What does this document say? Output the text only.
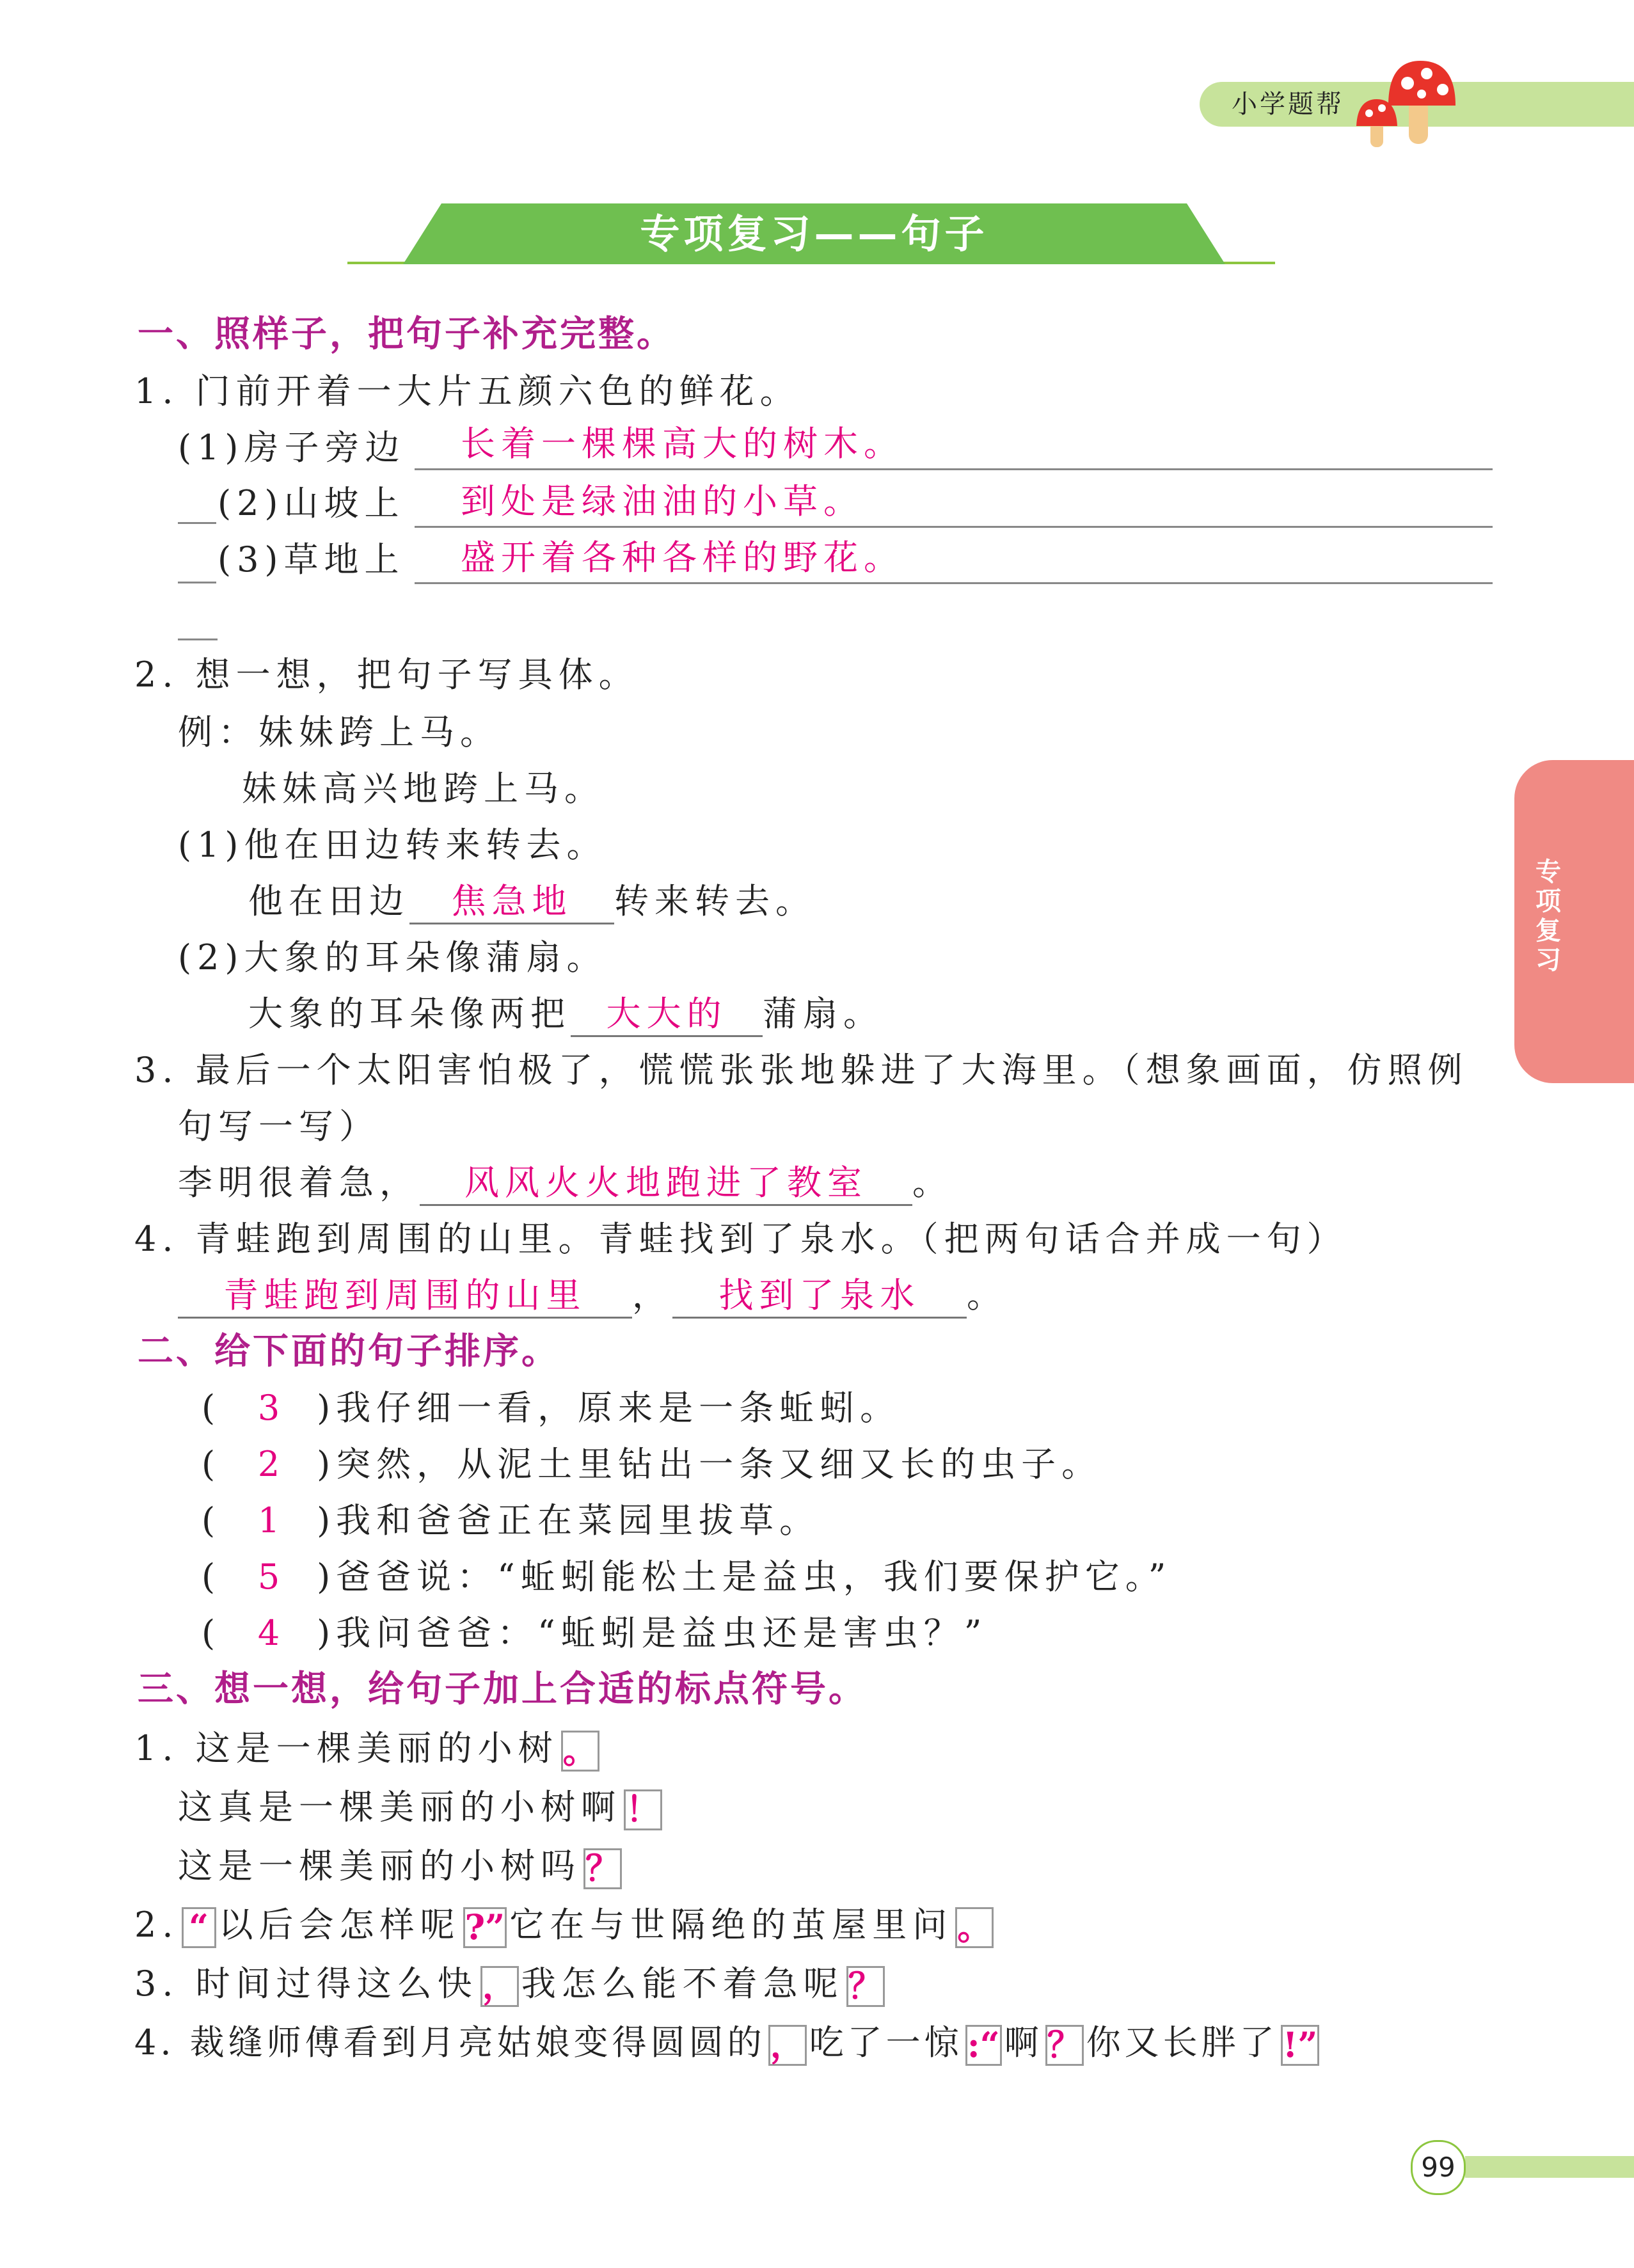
小学题帮
专项复习——句子
专项复习
一、照样子，把句子补充完整。
1. 门前开着一大片五颜六色的鲜花。
(1)房子旁边 长着一棵棵高大的树木。
(2)山坡上 到处是绿油油的小草。
(3)草地上 盛开着各种各样的野花。
2. 想一想，把句子写具体。
例：妹妹跨上马。
妹妹高兴地跨上马。
(1)他在田边转来转去。
他在田边 焦急地 转来转去。
(2)大象的耳朵像蒲扇。
大象的耳朵像两把 大大的 蒲扇。
3. 最后一个太阳害怕极了，慌慌张张地躲进了大海里。（想象画面，仿照例
句写一写）
李明很着急， 风风火火地跑进了教室 。
4. 青蛙跑到周围的山里。青蛙找到了泉水。（把两句话合并成一句）
青蛙跑到周围的山里 ， 找到了泉水 。
二、给下面的句子排序。
( 3 )我仔细一看，原来是一条蚯蚓。
( 2 )突然，从泥土里钻出一条又细又长的虫子。
( 1 )我和爸爸正在菜园里拔草。
( 5 )爸爸说：“蚯蚓能松土是益虫，我们要保护它。”
( 4 )我问爸爸：“蚯蚓是益虫还是害虫？”
三、想一想，给句子加上合适的标点符号。
1. 这是一棵美丽的小树 。
这真是一棵美丽的小树啊 ！
这是一棵美丽的小树吗 ？
2. “ 以后会怎样呢 ?” 它在与世隔绝的茧屋里问 。
3. 时间过得这么快 ， 我怎么能不着急呢 ？
4. 裁缝师傅看到月亮姑娘变得圆圆的 ， 吃了一惊 :“ 啊 ？ 你又长胖了 !”
99
